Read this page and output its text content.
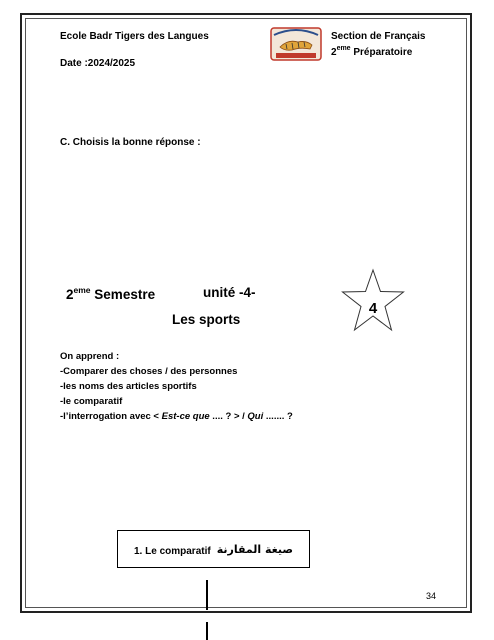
Ecole Badr Tigers des Langues
Date :2024/2025
Section de Français
2eme Préparatoire
C. Choisis la bonne réponse :
2eme Semestre	unité -4-
Les sports
4
On apprend :
-Comparer des choses / des personnes
-les noms des articles sportifs
-le comparatif
-l’interrogation avec < Est-ce que .... ? > / Qui ....... ?
1. Le comparatif صيغة المقارنة
34
